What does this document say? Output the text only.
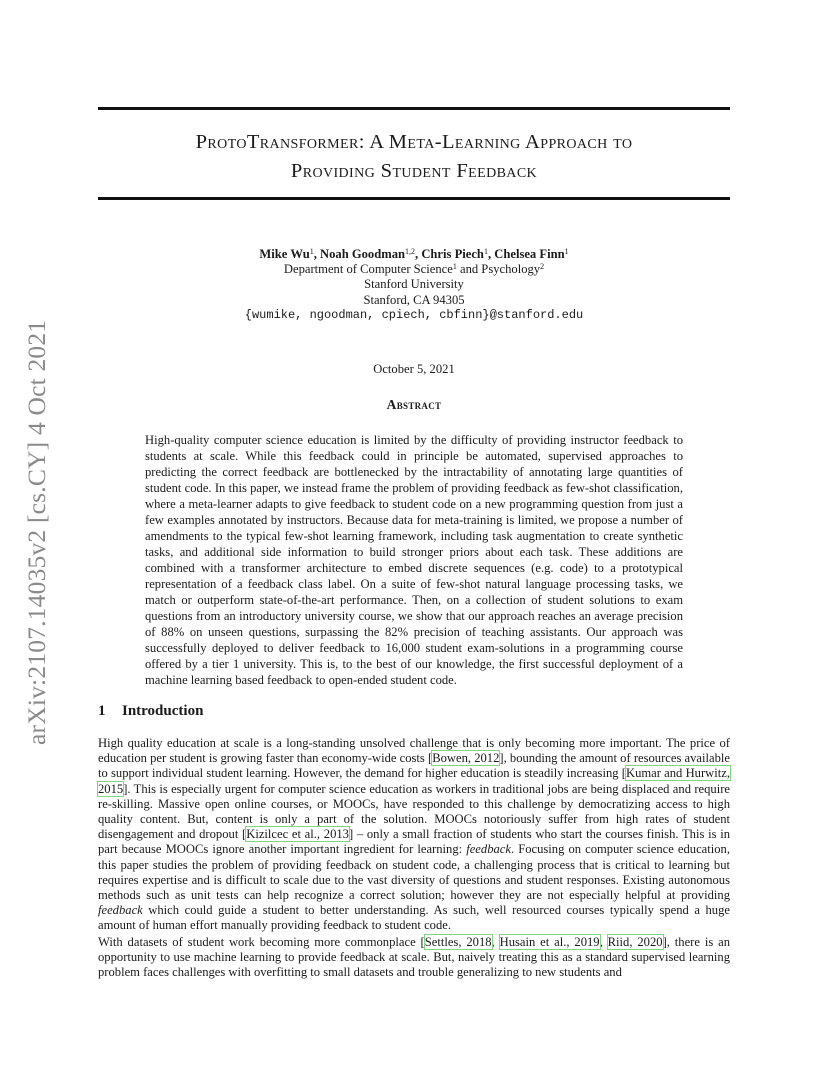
arXiv:2107.14035v2 [cs.CY] 4 Oct 2021
ProtoTransformer: A Meta-Learning Approach to
Providing Student Feedback
Mike Wu$^1$, Noah Goodman$^{1,2}$, Chris Piech$^1$, Chelsea Finn$^1$
Department of Computer Science$^1$ and Psychology$^2$
Stanford University
Stanford, CA 94305
{wumike, ngoodman, cpiech, cbfinn}@stanford.edu
October 5, 2021
Abstract

High-quality computer science education is limited by the difficulty of providing instructor feedback to students at scale. While this feedback could in principle be automated, supervised approaches to predicting the correct feedback are bottlenecked by the intractability of annotating large quantities of student code. In this paper, we instead frame the problem of providing feedback as few-shot classification, where a meta-learner adapts to give feedback to student code on a new programming question from just a few examples annotated by instructors. Because data for meta-training is limited, we propose a number of amendments to the typical few-shot learning framework, including task augmentation to create synthetic tasks, and additional side information to build stronger priors about each task. These additions are combined with a transformer architecture to embed discrete sequences (e.g. code) to a prototypical representation of a feedback class label. On a suite of few-shot natural language processing tasks, we match or outperform state-of-the-art performance. Then, on a collection of student solutions to exam questions from an introductory university course, we show that our approach reaches an average precision of 88% on unseen questions, surpassing the 82% precision of teaching assistants. Our approach was successfully deployed to deliver feedback to 16,000 student exam-solutions in a programming course offered by a tier 1 university. This is, to the best of our knowledge, the first successful deployment of a machine learning based feedback to open-ended student code.

1 Introduction

High quality education at scale is a long-standing unsolved challenge that is only becoming more important. The price of education per student is growing faster than economy-wide costs [Bowen, 2012], bounding the amount of resources available to support individual student learning. However, the demand for higher education is steadily increasing [Kumar and Hurwitz, 2015]. This is especially urgent for computer science education as workers in traditional jobs are being displaced and require re-skilling. Massive open online courses, or MOOCs, have responded to this challenge by democratizing access to high quality content. But, content is only a part of the solution. MOOCs notoriously suffer from high rates of student disengagement and dropout [Kizilcec et al., 2013] – only a small fraction of students who start the courses finish. This is in part because MOOCs ignore another important ingredient for learning: feedback. Focusing on computer science education, this paper studies the problem of providing feedback on student code, a challenging process that is critical to learning but requires expertise and is difficult to scale due to the vast diversity of questions and student responses. Existing autonomous methods such as unit tests can help recognize a correct solution; however they are not especially helpful at providing feedback which could guide a student to better understanding. As such, well resourced courses typically spend a huge amount of human effort manually providing feedback to student code.

With datasets of student work becoming more commonplace [Settles, 2018, Husain et al., 2019, Riid, 2020], there is an opportunity to use machine learning to provide feedback at scale. But, naively treating this as a standard supervised learning problem faces challenges with overfitting to small datasets and trouble generalizing to new students and
